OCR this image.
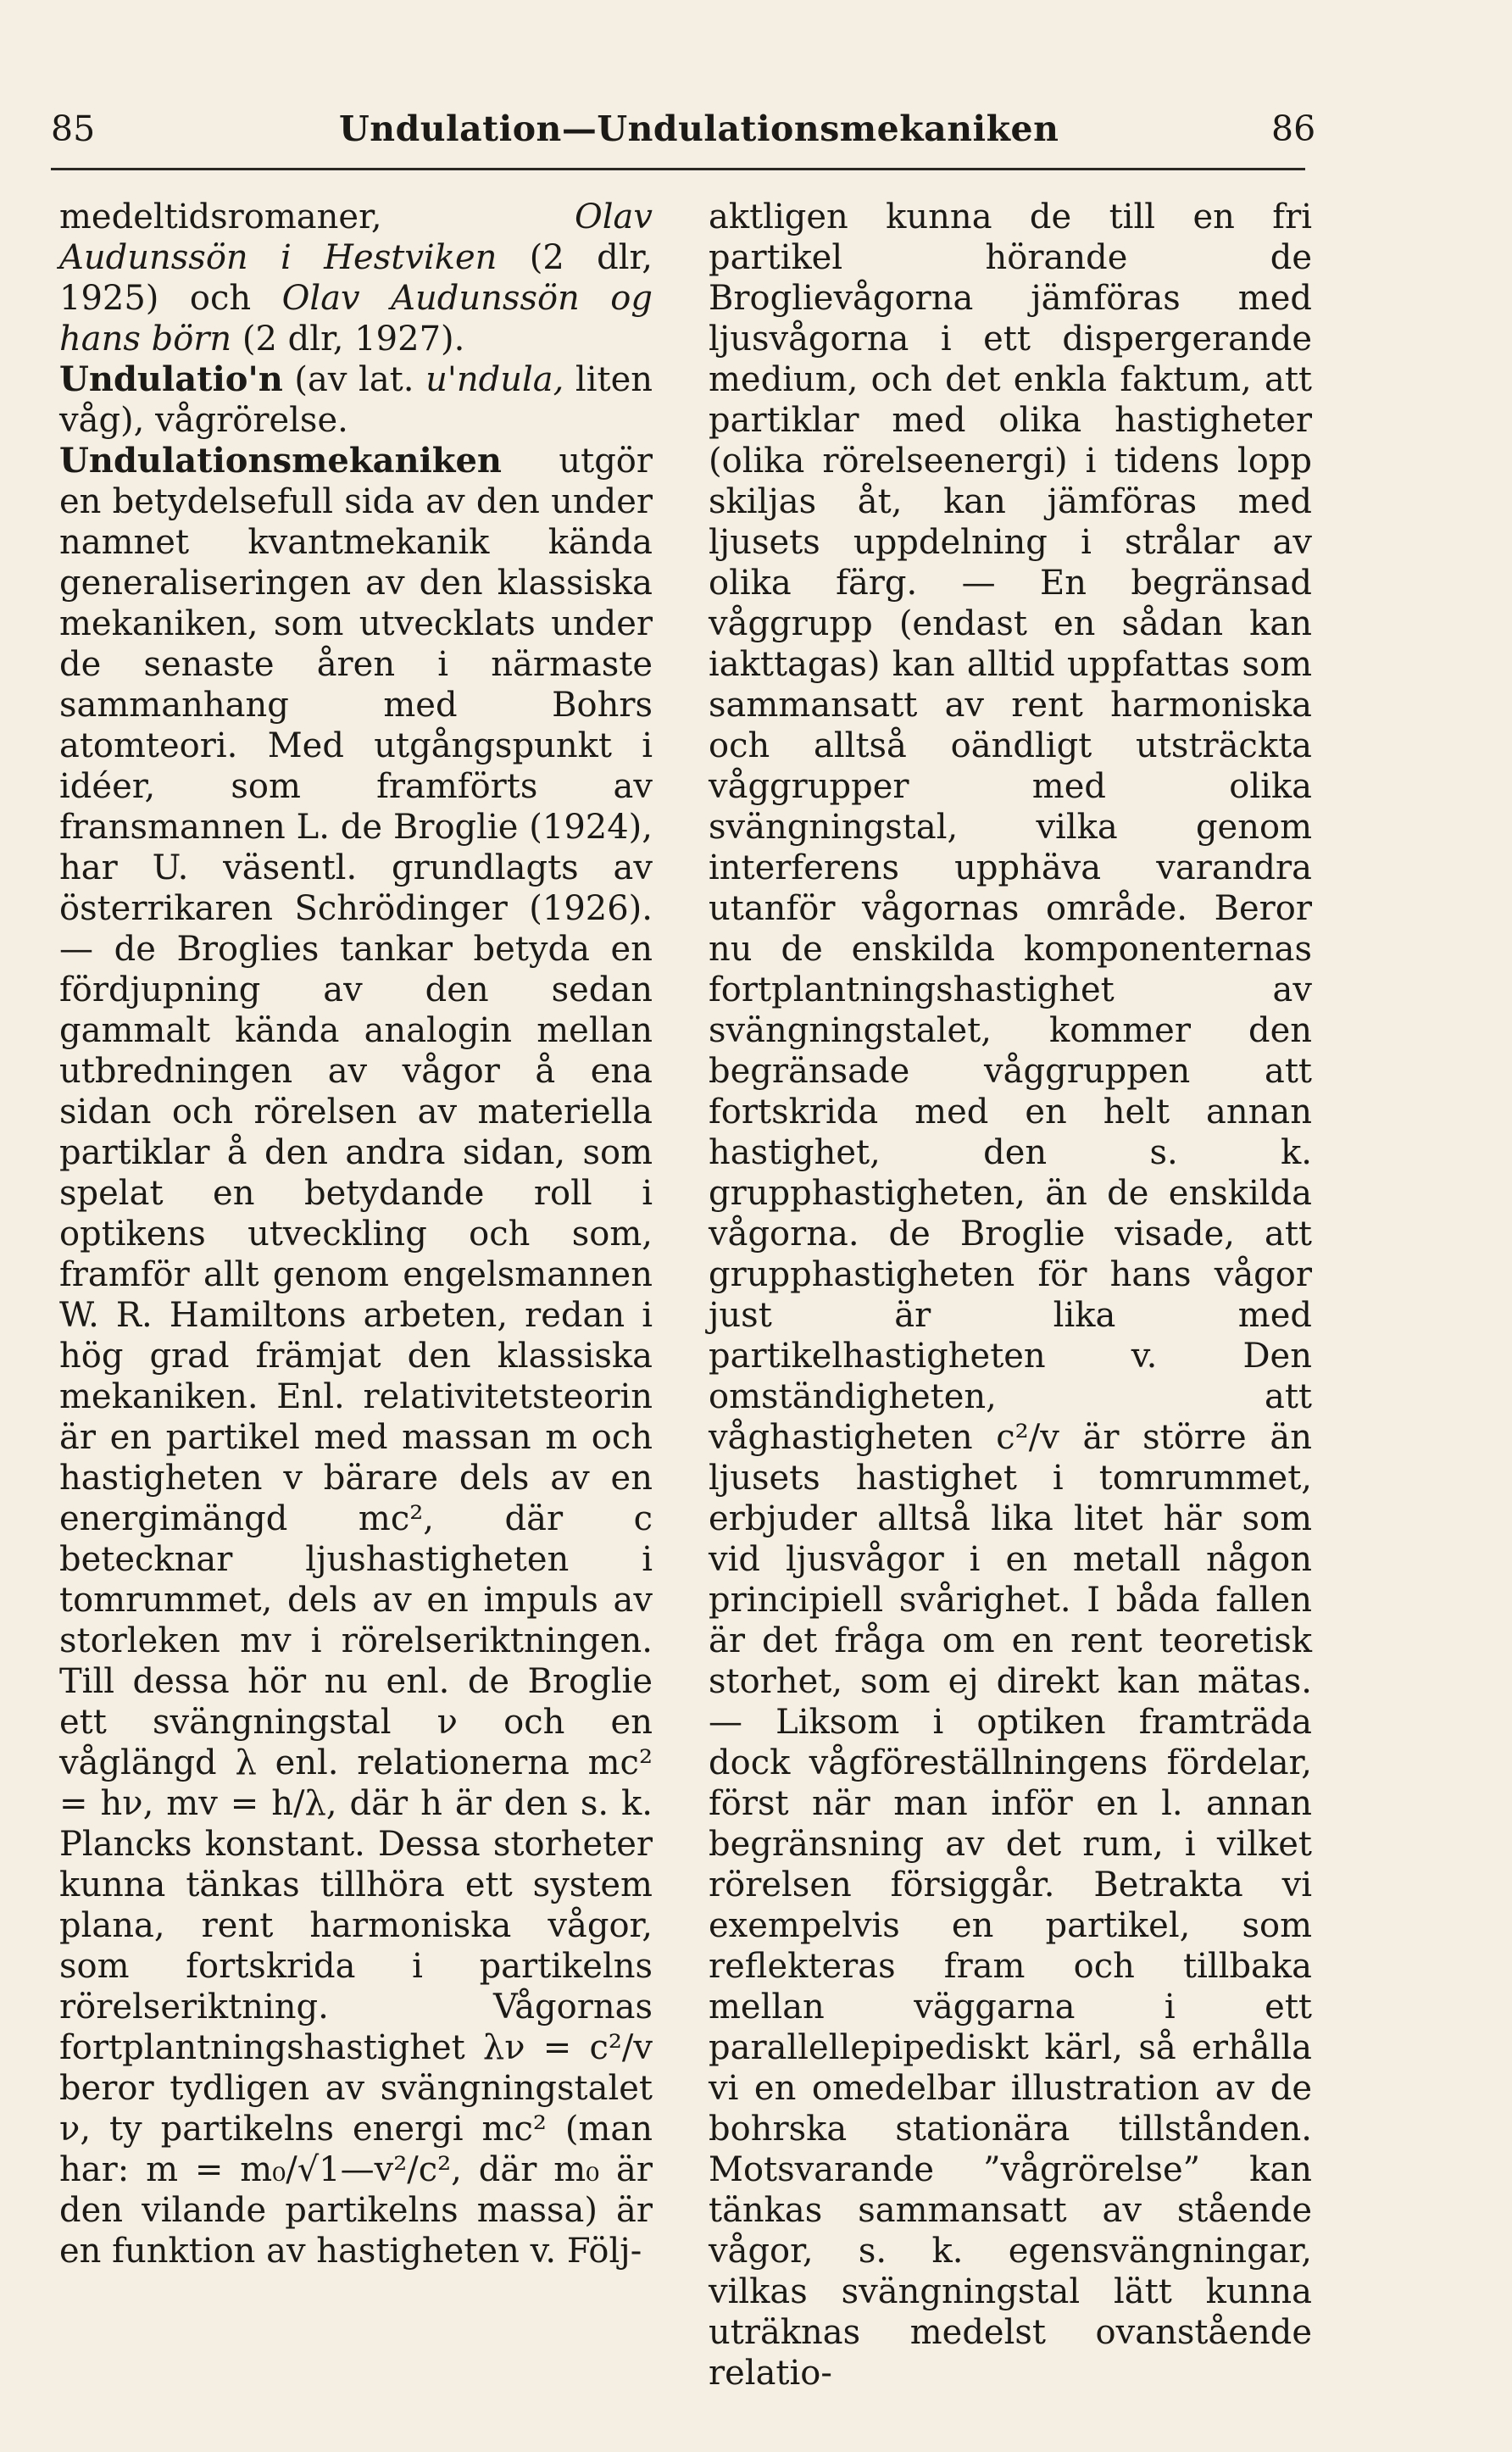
85	Undulation—Undulationsmekaniken	86

medeltidsromaner, Olav Audunssön i Hestviken (2 dlr, 1925) och Olav Audunssön og hans börn (2 dlr, 1927).

Undulatio'n (av lat. u'ndula, liten våg), vågrörelse.

Undulationsmekaniken utgör en betydelsefull sida av den under namnet kvantmekanik kända generaliseringen av den klassiska mekaniken, som utvecklats under de senaste åren i närmaste sammanhang med Bohrs atomteori. Med utgångspunkt i idéer, som framförts av fransmannen L. de Broglie (1924), har U. väsentl. grundlagts av österrikaren Schrödinger (1926). — de Broglies tankar betyda en fördjupning av den sedan gammalt kända analogin mellan utbredningen av vågor å ena sidan och rörelsen av materiella partiklar å den andra sidan, som spelat en betydande roll i optikens utveckling och som, framför allt genom engelsmannen W. R. Hamiltons arbeten, redan i hög grad främjat den klassiska mekaniken. Enl. relativitetsteorin är en partikel med massan m och hastigheten v bärare dels av en energimängd mc², där c betecknar ljushastigheten i tomrummet, dels av en impuls av storleken mv i rörelseriktningen. Till dessa hör nu enl. de Broglie ett svängningstal ν och en våglängd λ enl. relationerna mc² = hν, mv = h/λ, där h är den s. k. Plancks konstant. Dessa storheter kunna tänkas tillhöra ett system plana, rent harmoniska vågor, som fortskrida i partikelns rörelseriktning. Vågornas fortplantningshastighet λν = c²/v beror tydligen av svängningstalet ν, ty partikelns energi mc² (man har: m = m₀/√1—v²/c², där m₀ är den vilande partikelns massa) är en funktion av hastigheten v. Följ-

aktligen kunna de till en fri partikel hörande de Broglievågorna jämföras med ljusvågorna i ett dispergerande medium, och det enkla faktum, att partiklar med olika hastigheter (olika rörelseenergi) i tidens lopp skiljas åt, kan jämföras med ljusets uppdelning i strålar av olika färg. — En begränsad våggrupp (endast en sådan kan iakttagas) kan alltid uppfattas som sammansatt av rent harmoniska och alltså oändligt utsträckta våggrupper med olika svängningstal, vilka genom interferens upphäva varandra utanför vågornas område. Beror nu de enskilda komponenternas fortplantningshastighet av svängningstalet, kommer den begränsade våggruppen att fortskrida med en helt annan hastighet, den s. k. grupphastigheten, än de enskilda vågorna. de Broglie visade, att grupphastigheten för hans vågor just är lika med partikelhastigheten v. Den omständigheten, att våghastigheten c²/v är större än ljusets hastighet i tomrummet, erbjuder alltså lika litet här som vid ljusvågor i en metall någon principiell svårighet. I båda fallen är det fråga om en rent teoretisk storhet, som ej direkt kan mätas. — Liksom i optiken framträda dock vågföreställningens fördelar, först när man inför en l. annan begränsning av det rum, i vilket rörelsen försiggår. Betrakta vi exempelvis en partikel, som reflekteras fram och tillbaka mellan väggarna i ett parallellepipediskt kärl, så erhålla vi en omedelbar illustration av de bohrska stationära tillstånden. Motsvarande ”vågrörelse” kan tänkas sammansatt av stående vågor, s. k. egensvängningar, vilkas svängningstal lätt kunna uträknas medelst ovanstående relatio-
